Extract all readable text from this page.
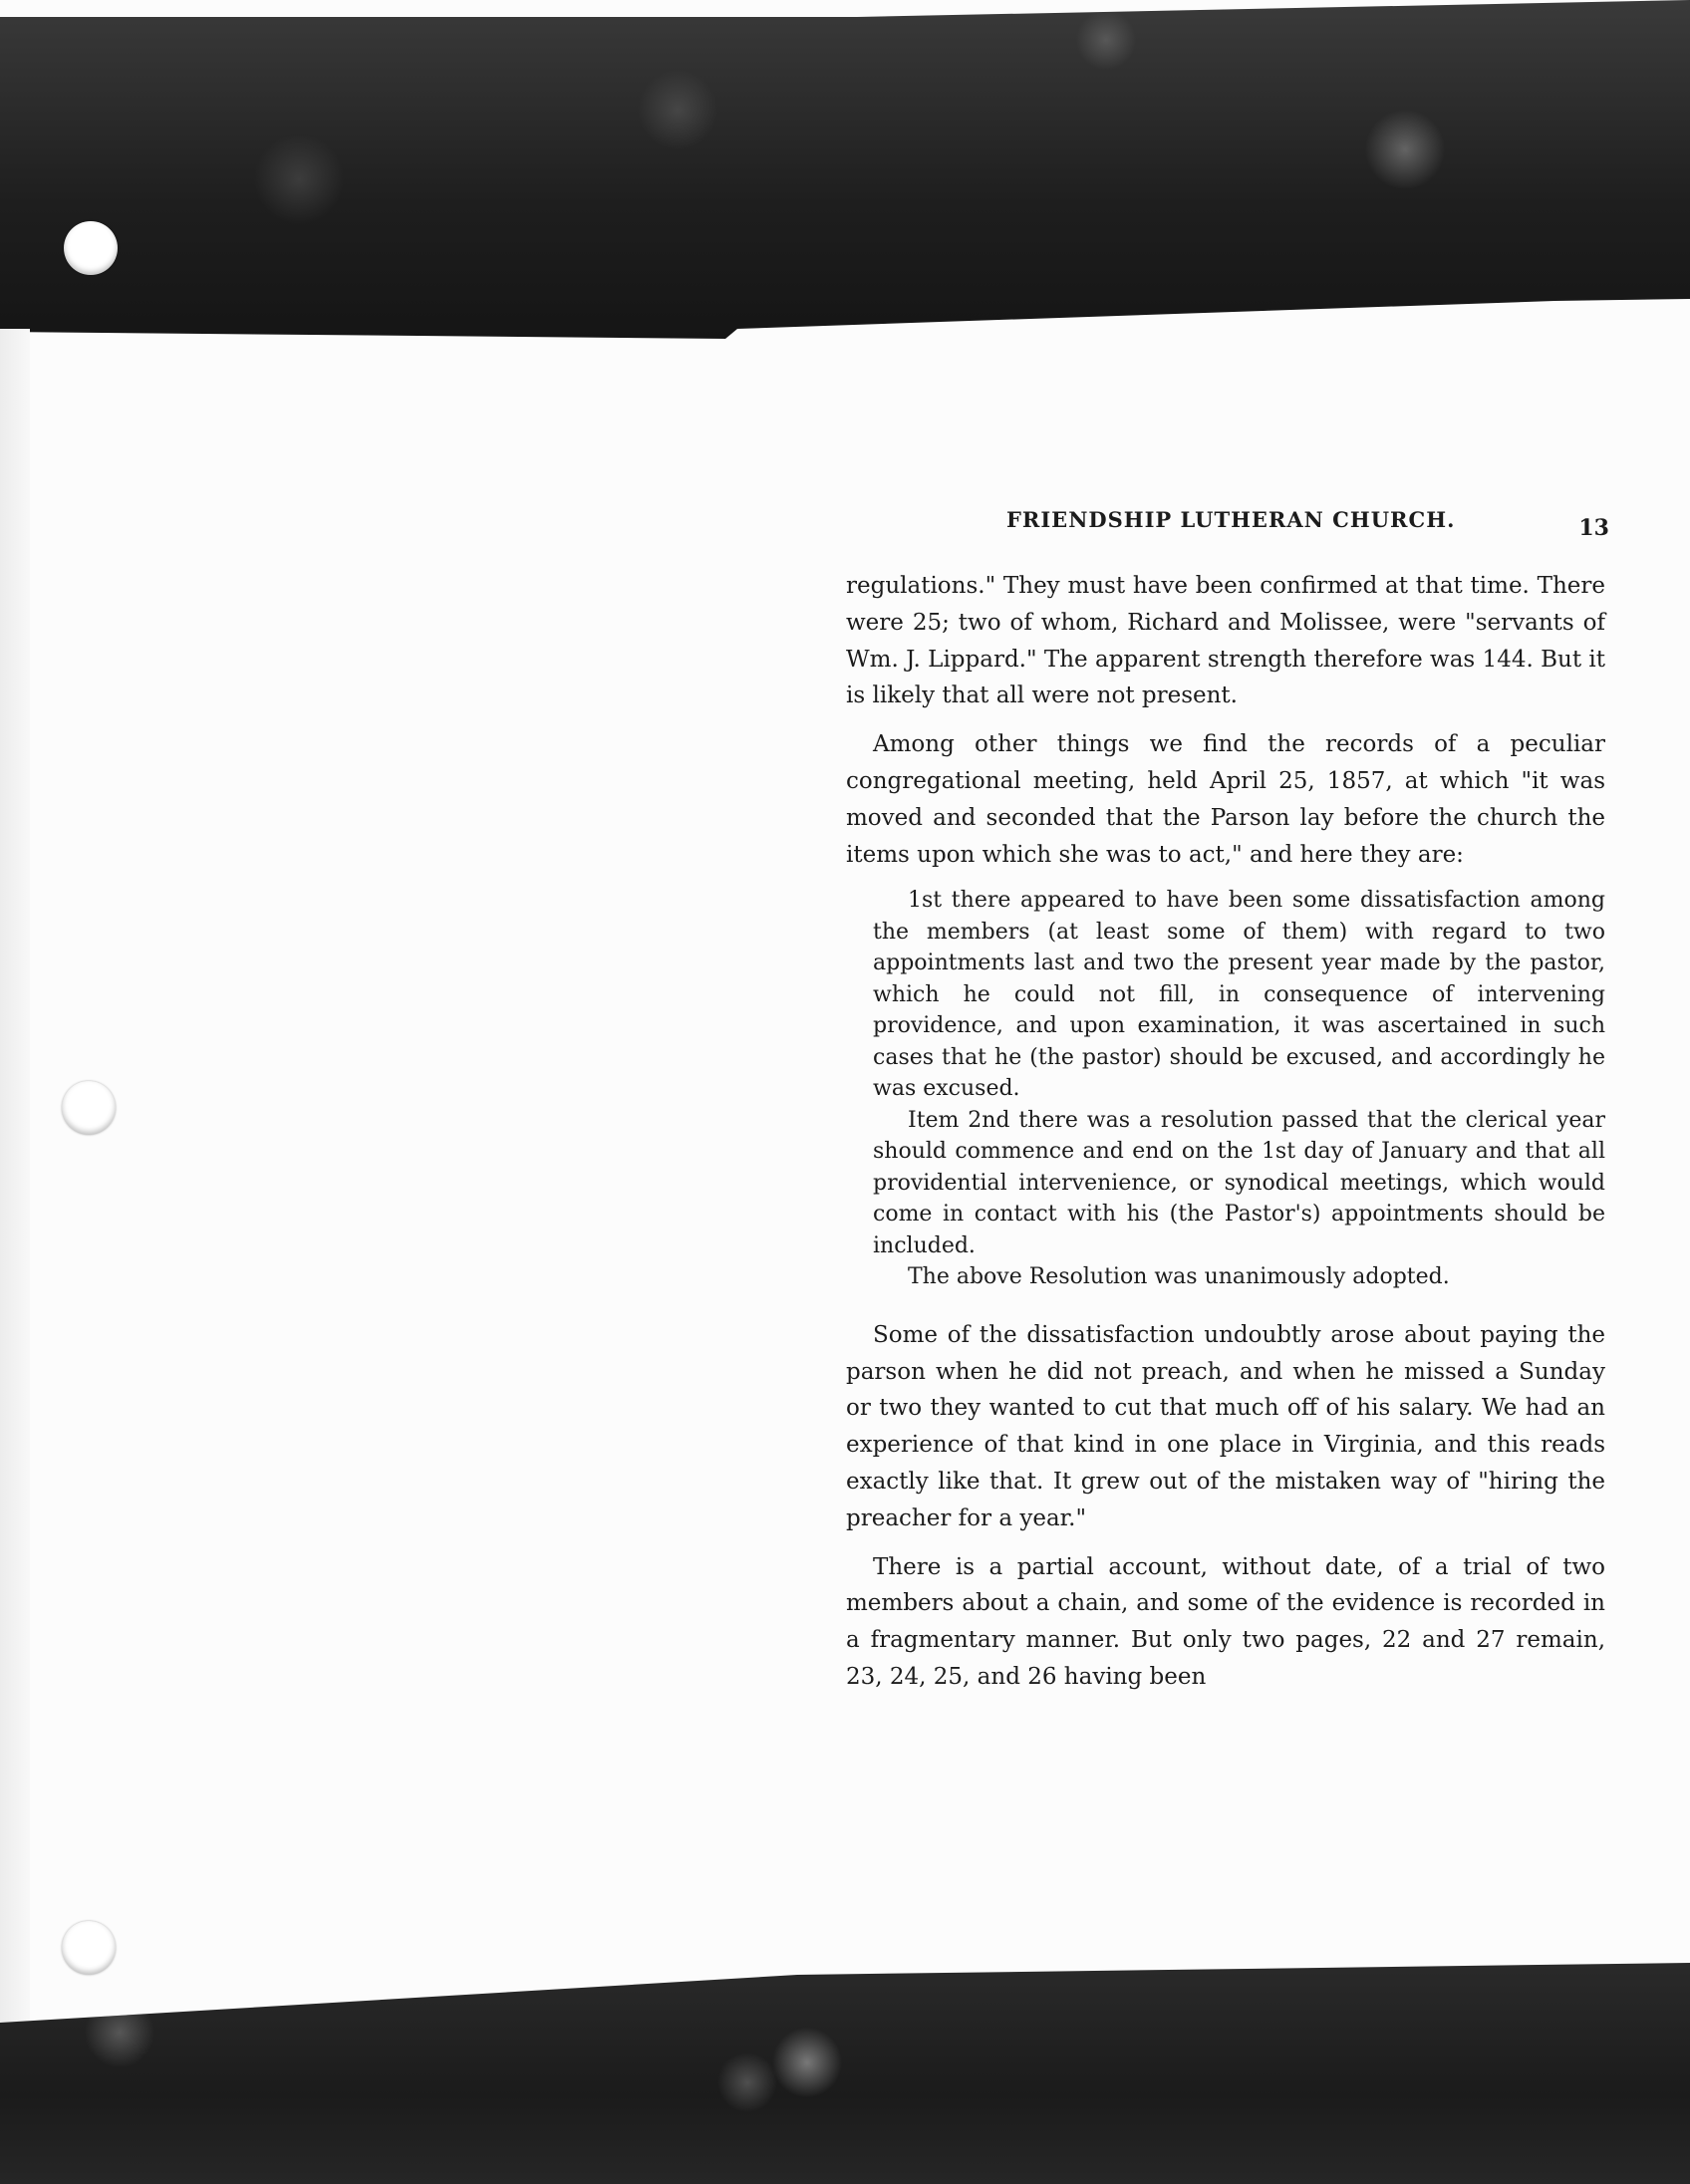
FRIENDSHIP LUTHERAN CHURCH.	13

regulations." They must have been confirmed at that time. There were 25; two of whom, Richard and Molissee, were "servants of Wm. J. Lippard." The apparent strength therefore was 144. But it is likely that all were not present.

Among other things we find the records of a peculiar congregational meeting, held April 25, 1857, at which "it was moved and seconded that the Parson lay before the church the items upon which she was to act," and here they are:

1st there appeared to have been some dissatisfaction among the members (at least some of them) with regard to two appointments last and two the present year made by the pastor, which he could not fill, in consequence of intervening providence, and upon examination, it was ascertained in such cases that he (the pastor) should be excused, and accordingly he was excused.

Item 2nd there was a resolution passed that the clerical year should commence and end on the 1st day of January and that all providential intervenience, or synodical meetings, which would come in contact with his (the Pastor's) appointments should be included.

The above Resolution was unanimously adopted.

Some of the dissatisfaction undoubtly arose about paying the parson when he did not preach, and when he missed a Sunday or two they wanted to cut that much off of his salary. We had an experience of that kind in one place in Virginia, and this reads exactly like that. It grew out of the mistaken way of "hiring the preacher for a year."

There is a partial account, without date, of a trial of two members about a chain, and some of the evidence is recorded in a fragmentary manner. But only two pages, 22 and 27 remain, 23, 24, 25, and 26 having been
